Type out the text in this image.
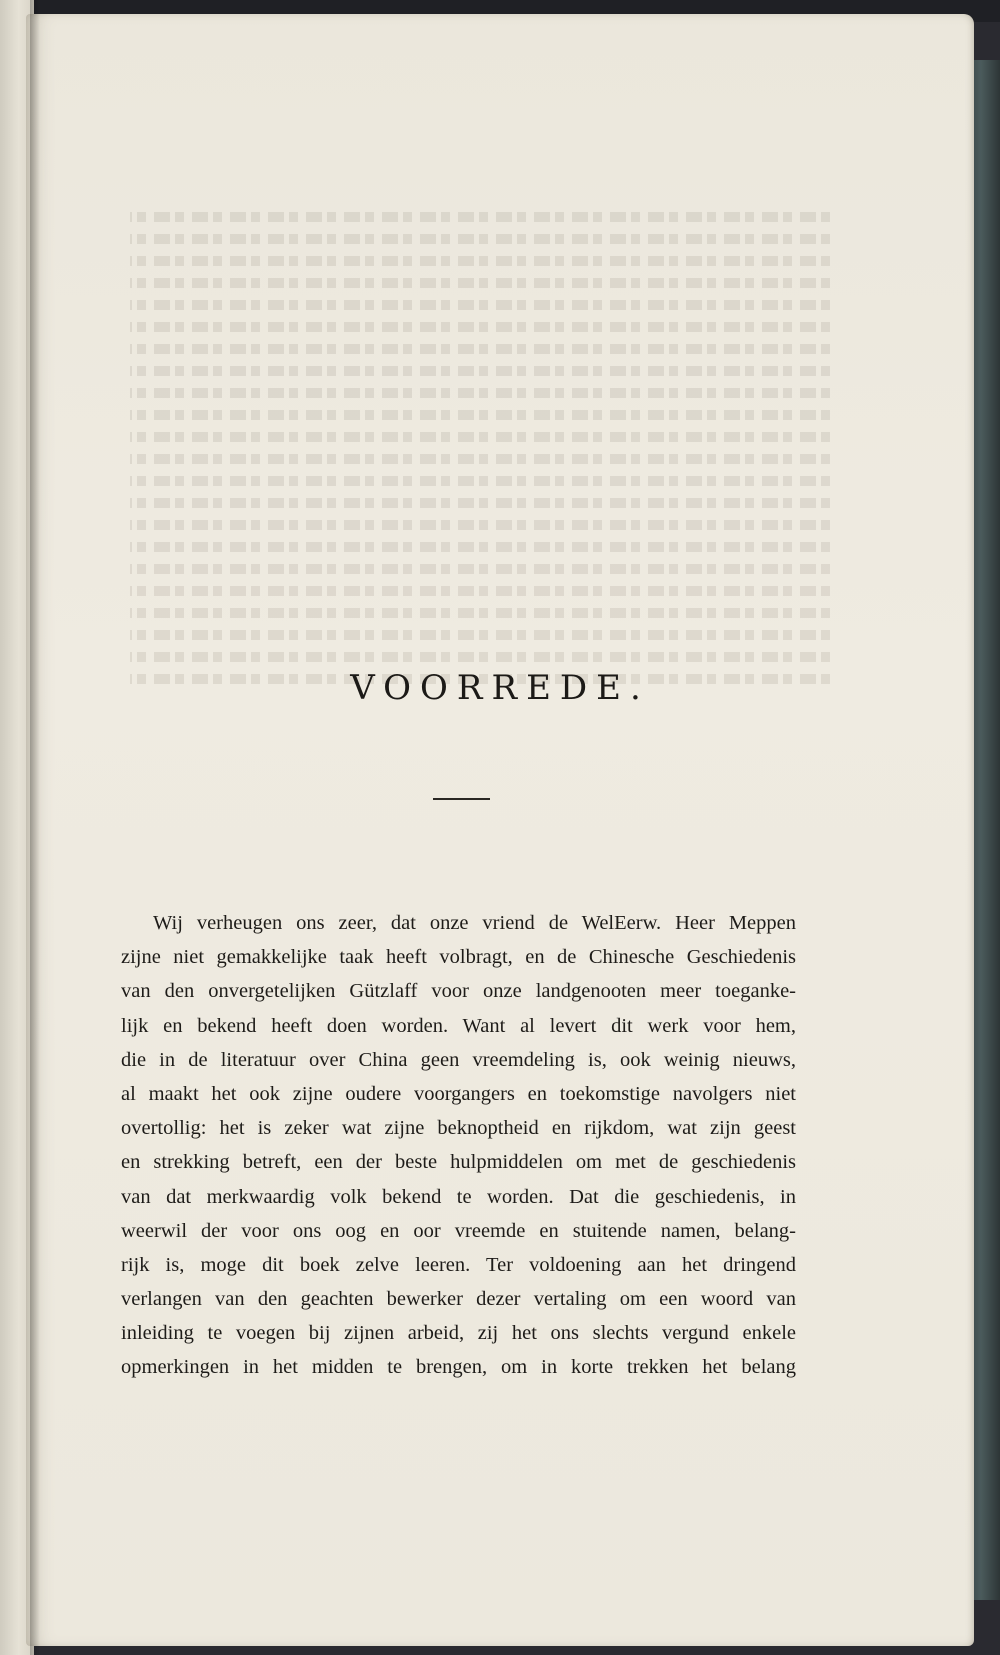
VOORREDE.

Wij verheugen ons zeer, dat onze vriend de WelEerw. Heer Meppen
zijne niet gemakkelijke taak heeft volbragt, en de Chinesche Geschiedenis
van den onvergetelijken Gützlaff voor onze landgenooten meer toeganke-
lijk en bekend heeft doen worden. Want al levert dit werk voor hem,
die in de literatuur over China geen vreemdeling is, ook weinig nieuws,
al maakt het ook zijne oudere voorgangers en toekomstige navolgers niet
overtollig: het is zeker wat zijne beknoptheid en rijkdom, wat zijn geest
en strekking betreft, een der beste hulpmiddelen om met de geschiedenis
van dat merkwaardig volk bekend te worden. Dat die geschiedenis, in
weerwil der voor ons oog en oor vreemde en stuitende namen, belang-
rijk is, moge dit boek zelve leeren. Ter voldoening aan het dringend
verlangen van den geachten bewerker dezer vertaling om een woord van
inleiding te voegen bij zijnen arbeid, zij het ons slechts vergund enkele
opmerkingen in het midden te brengen, om in korte trekken het belang
